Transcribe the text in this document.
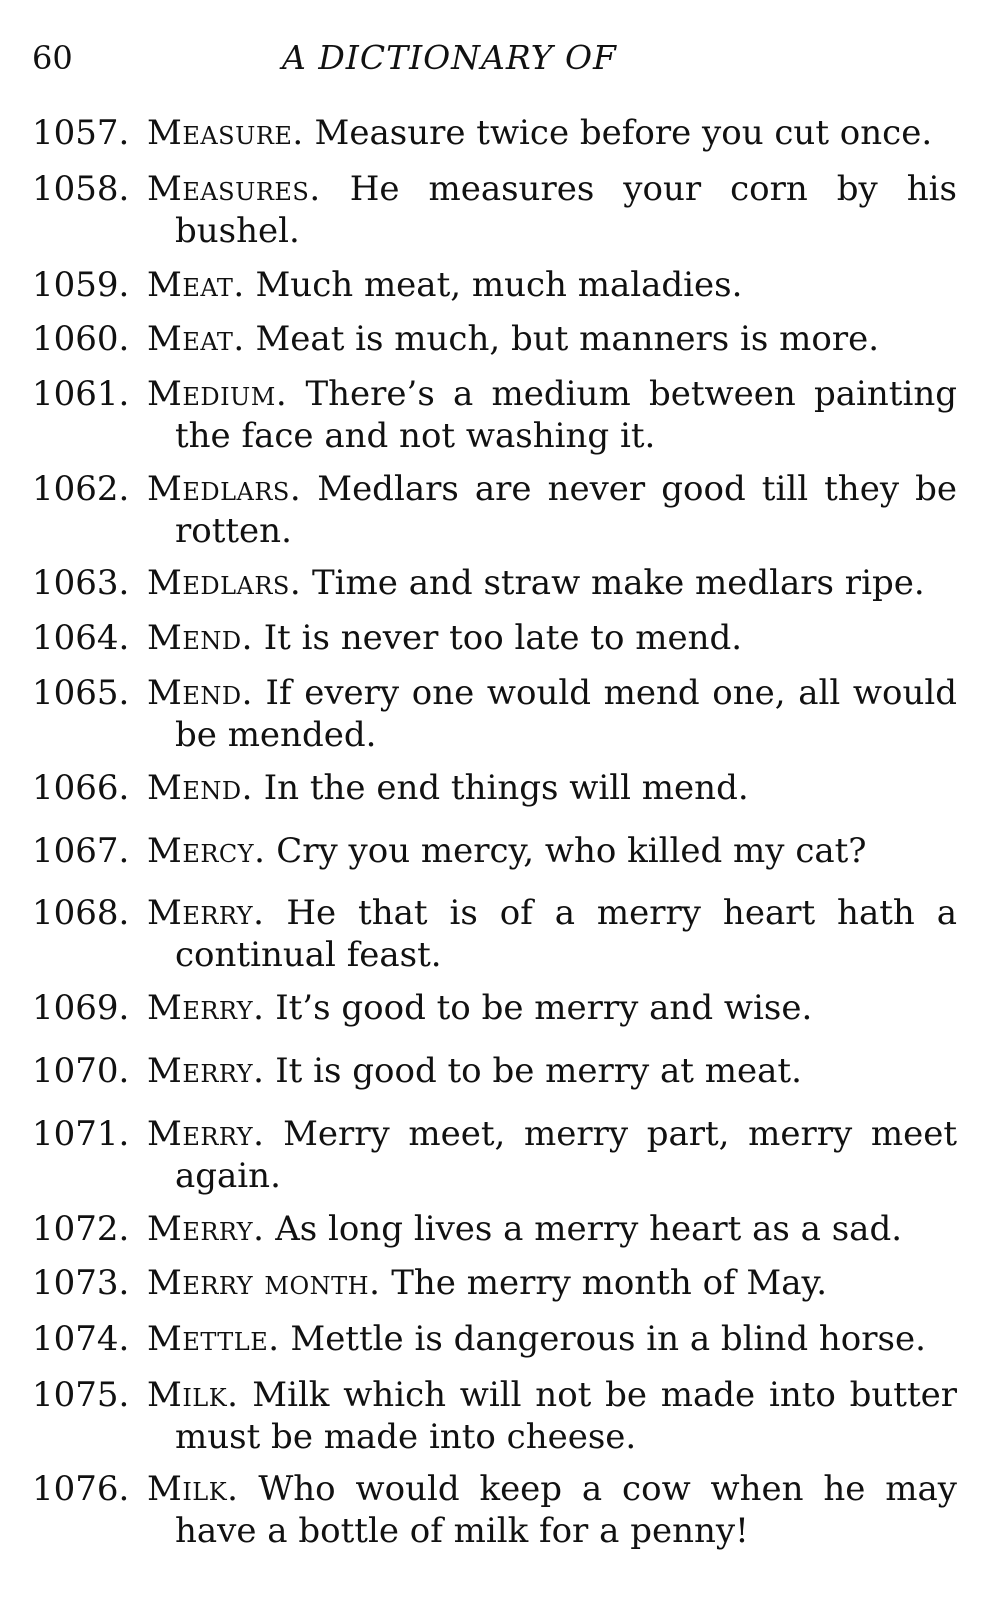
60	A DICTIONARY OF
1057. Measure. Measure twice before you cut once.
1058. Measures. He measures your corn by his bushel.
1059. Meat. Much meat, much maladies.
1060. Meat. Meat is much, but manners is more.
1061. Medium. There’s a medium between painting the face and not washing it.
1062. Medlars. Medlars are never good till they be rotten.
1063. Medlars. Time and straw make medlars ripe.
1064. Mend. It is never too late to mend.
1065. Mend. If every one would mend one, all would be mended.
1066. Mend. In the end things will mend.
1067. Mercy. Cry you mercy, who killed my cat?
1068. Merry. He that is of a merry heart hath a continual feast.
1069. Merry. It’s good to be merry and wise.
1070. Merry. It is good to be merry at meat.
1071. Merry. Merry meet, merry part, merry meet again.
1072. Merry. As long lives a merry heart as a sad.
1073. Merry month. The merry month of May.
1074. Mettle. Mettle is dangerous in a blind horse.
1075. Milk. Milk which will not be made into butter must be made into cheese.
1076. Milk. Who would keep a cow when he may have a bottle of milk for a penny!
